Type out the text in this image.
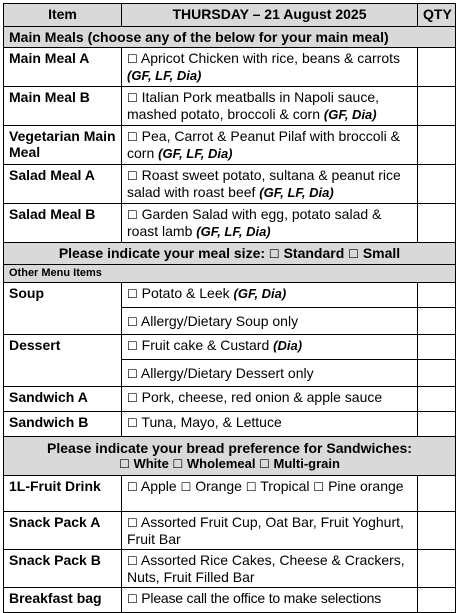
Item	THURSDAY – 21 August 2025	QTY
Main Meals (choose any of the below for your main meal)		
Main Meal A	☐ Apricot Chicken with rice, beans & carrots (GF, LF, Dia)	
Main Meal B	☐ Italian Pork meatballs in Napoli sauce, mashed potato, broccoli & corn (GF, Dia)	
Vegetarian Main Meal	☐ Pea, Carrot & Peanut Pilaf with broccoli & corn (GF, LF, Dia)	
Salad Meal A	☐ Roast sweet potato, sultana & peanut rice salad with roast beef (GF, LF, Dia)	
Salad Meal B	☐ Garden Salad with egg, potato salad & roast lamb (GF, LF, Dia)	
Please indicate your meal size: ☐ Standard ☐ Small		
Other Menu Items		
Soup	☐ Potato & Leek (GF, Dia)	
	☐ Allergy/Dietary Soup only	
Dessert	☐ Fruit cake & Custard (Dia)	
	☐ Allergy/Dietary Dessert only	
Sandwich A	☐ Pork, cheese, red onion & apple sauce	
Sandwich B	☐ Tuna, Mayo, & Lettuce	

Please indicate your bread preference for Sandwiches:
☐ White ☐ Wholemeal ☐ Multi-grain		

1L-Fruit Drink	☐ Apple ☐ Orange ☐ Tropical ☐ Pine orange	
Snack Pack A	☐ Assorted Fruit Cup, Oat Bar, Fruit Yoghurt, Fruit Bar	
Snack Pack B	☐ Assorted Rice Cakes, Cheese & Crackers, Nuts, Fruit Filled Bar	
Breakfast bag	☐ Please call the office to make selections	
